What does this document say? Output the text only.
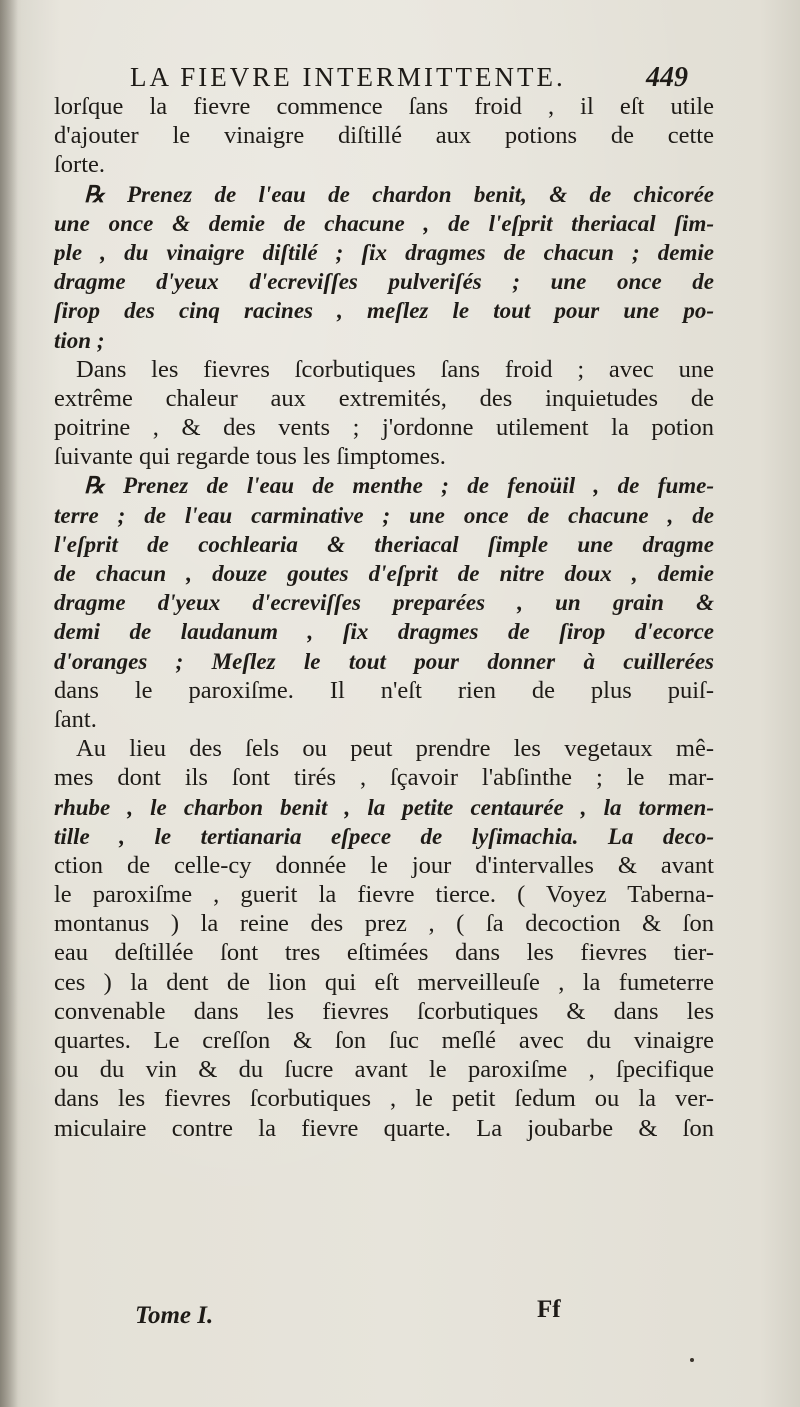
LA FIEVRE INTERMITTENTE.	449
lorſque la fievre commence ſans froid , il eſt utile
d'ajouter le vinaigre diſtillé aux potions de cette
ſorte.
℞ Prenez de l'eau de chardon benit, & de chicorée
une once & demie de chacune , de l'eſprit theriacal ſim-
ple , du vinaigre diſtilé ; ſix dragmes de chacun ; demie
dragme d'yeux d'ecreviſſes pulveriſés ; une once de
ſirop des cinq racines , meſlez le tout pour une po-
tion ;
Dans les fievres ſcorbutiques ſans froid ; avec une
extrême chaleur aux extremités, des inquietudes de
poitrine , & des vents ; j'ordonne utilement la potion
ſuivante qui regarde tous les ſimptomes.
℞ Prenez de l'eau de menthe ; de fenoüil , de fume-
terre ; de l'eau carminative ; une once de chacune , de
l'eſprit de cochlearia & theriacal ſimple une dragme
de chacun , douze goutes d'eſprit de nitre doux , demie
dragme d'yeux d'ecreviſſes preparées , un grain &
demi de laudanum , ſix dragmes de ſirop d'ecorce
d'oranges ; Meſlez le tout pour donner à cuillerées
dans le paroxiſme. Il n'eſt rien de plus puiſ-
ſant.
Au lieu des ſels ou peut prendre les vegetaux mê-
mes dont ils ſont tirés , ſçavoir l'abſinthe ; le mar-
rhube , le charbon benit , la petite centaurée , la tormen-
tille , le tertianaria eſpece de lyſimachia. La deco-
ction de celle-cy donnée le jour d'intervalles & avant
le paroxiſme , guerit la fievre tierce. ( Voyez Taberna-
montanus ) la reine des prez , ( ſa decoction & ſon
eau deſtillée ſont tres eſtimées dans les fievres tier-
ces ) la dent de lion qui eſt merveilleuſe , la fumeterre
convenable dans les fievres ſcorbutiques & dans les
quartes. Le creſſon & ſon ſuc meſlé avec du vinaigre
ou du vin & du ſucre avant le paroxiſme , ſpecifique
dans les fievres ſcorbutiques , le petit ſedum ou la ver-
miculaire contre la fievre quarte. La joubarbe & ſon
Tome I.	Ff
